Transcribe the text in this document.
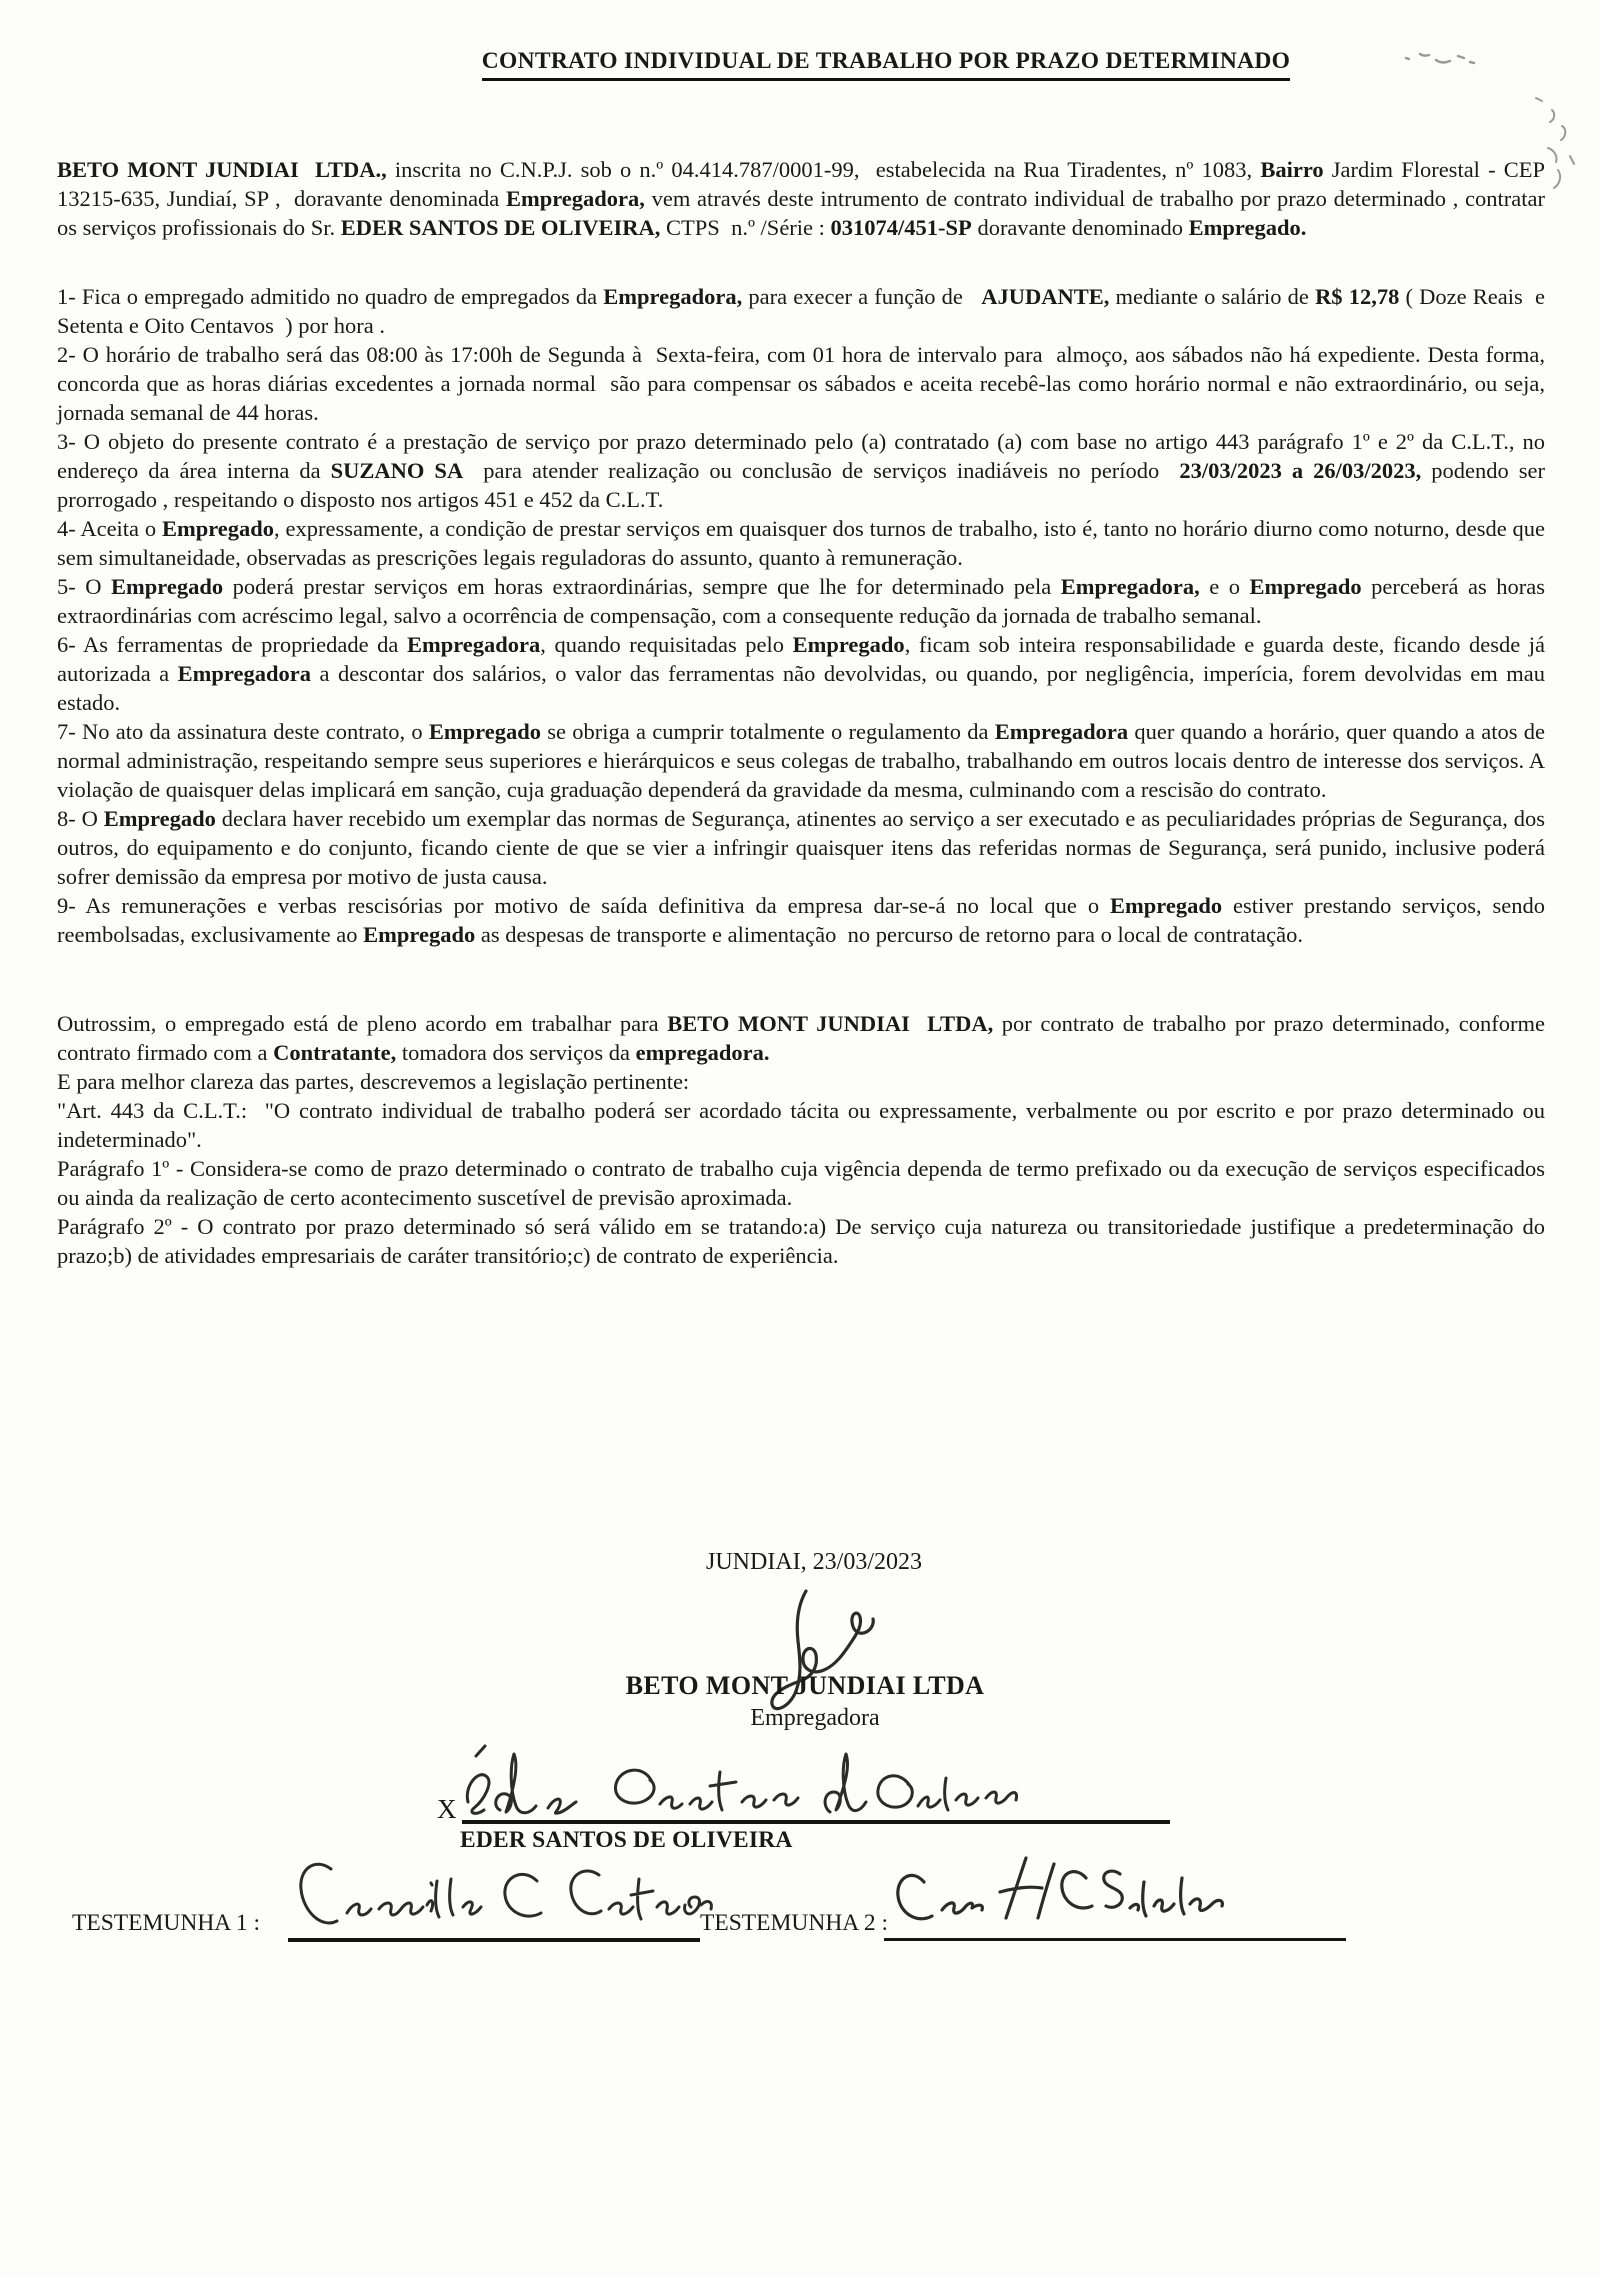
CONTRATO INDIVIDUAL DE TRABALHO POR PRAZO DETERMINADO

BETO MONT JUNDIAI  LTDA., inscrita no C.N.P.J. sob o n.º 04.414.787/0001-99,  estabelecida na Rua Tiradentes, nº 1083, Bairro Jardim Florestal - CEP 13215-635, Jundiaí, SP ,  doravante denominada Empregadora, vem através deste intrumento de contrato individual de trabalho por prazo determinado , contratar os serviços profissionais do Sr. EDER SANTOS DE OLIVEIRA, CTPS  n.º /Série : 031074/451-SP doravante denominado Empregado.

1- Fica o empregado admitido no quadro de empregados da Empregadora, para execer a função de   AJUDANTE, mediante o salário de R$ 12,78 ( Doze Reais  e Setenta e Oito Centavos  ) por hora .

2- O horário de trabalho será das 08:00 às 17:00h de Segunda à  Sexta-feira, com 01 hora de intervalo para  almoço, aos sábados não há expediente. Desta forma, concorda que as horas diárias excedentes a jornada normal  são para compensar os sábados e aceita recebê-las como horário normal e não extraordinário, ou seja, jornada semanal de 44 horas.

3- O objeto do presente contrato é a prestação de serviço por prazo determinado pelo (a) contratado (a) com base no artigo 443 parágrafo 1º e 2º da C.L.T., no endereço da área interna da SUZANO SA  para atender realização ou conclusão de serviços inadiáveis no período  23/03/2023 a 26/03/2023, podendo ser prorrogado , respeitando o disposto nos artigos 451 e 452 da C.L.T.

4- Aceita o Empregado, expressamente, a condição de prestar serviços em quaisquer dos turnos de trabalho, isto é, tanto no horário diurno como noturno, desde que sem simultaneidade, observadas as prescrições legais reguladoras do assunto, quanto à remuneração.

5- O Empregado poderá prestar serviços em horas extraordinárias, sempre que lhe for determinado pela Empregadora, e o Empregado perceberá as horas extraordinárias com acréscimo legal, salvo a ocorrência de compensação, com a consequente redução da jornada de trabalho semanal.

6- As ferramentas de propriedade da Empregadora, quando requisitadas pelo Empregado, ficam sob inteira responsabilidade e guarda deste, ficando desde já autorizada a Empregadora a descontar dos salários, o valor das ferramentas não devolvidas, ou quando, por negligência, imperícia, forem devolvidas em mau estado.

7- No ato da assinatura deste contrato, o Empregado se obriga a cumprir totalmente o regulamento da Empregadora quer quando a horário, quer quando a atos de normal administração, respeitando sempre seus superiores e hierárquicos e seus colegas de trabalho, trabalhando em outros locais dentro de interesse dos serviços. A violação de quaisquer delas implicará em sanção, cuja graduação dependerá da gravidade da mesma, culminando com a rescisão do contrato.

8- O Empregado declara haver recebido um exemplar das normas de Segurança, atinentes ao serviço a ser executado e as peculiaridades próprias de Segurança, dos outros, do equipamento e do conjunto, ficando ciente de que se vier a infringir quaisquer itens das referidas normas de Segurança, será punido, inclusive poderá sofrer demissão da empresa por motivo de justa causa.

9- As remunerações e verbas rescisórias por motivo de saída definitiva da empresa dar-se-á no local que o Empregado estiver prestando serviços, sendo reembolsadas, exclusivamente ao Empregado as despesas de transporte e alimentação  no percurso de retorno para o local de contratação.

Outrossim, o empregado está de pleno acordo em trabalhar para BETO MONT JUNDIAI  LTDA, por contrato de trabalho por prazo determinado, conforme contrato firmado com a Contratante, tomadora dos serviços da empregadora.

E para melhor clareza das partes, descrevemos a legislação pertinente:

"Art. 443 da C.L.T.:  "O contrato individual de trabalho poderá ser acordado tácita ou expressamente, verbalmente ou por escrito e por prazo determinado ou indeterminado".

Parágrafo 1º - Considera-se como de prazo determinado o contrato de trabalho cuja vigência dependa de termo prefixado ou da execução de serviços especificados ou ainda da realização de certo acontecimento suscetível de previsão aproximada.

Parágrafo 2º - O contrato por prazo determinado só será válido em se tratando:a) De serviço cuja natureza ou transitoriedade justifique a predeterminação do prazo;b) de atividades empresariais de caráter transitório;c) de contrato de experiência.

JUNDIAI, 23/03/2023
BETO MONT JUNDIAI LTDA
Empregadora
X
EDER SANTOS DE OLIVEIRA
TESTEMUNHA 1 :	TESTEMUNHA 2 :
